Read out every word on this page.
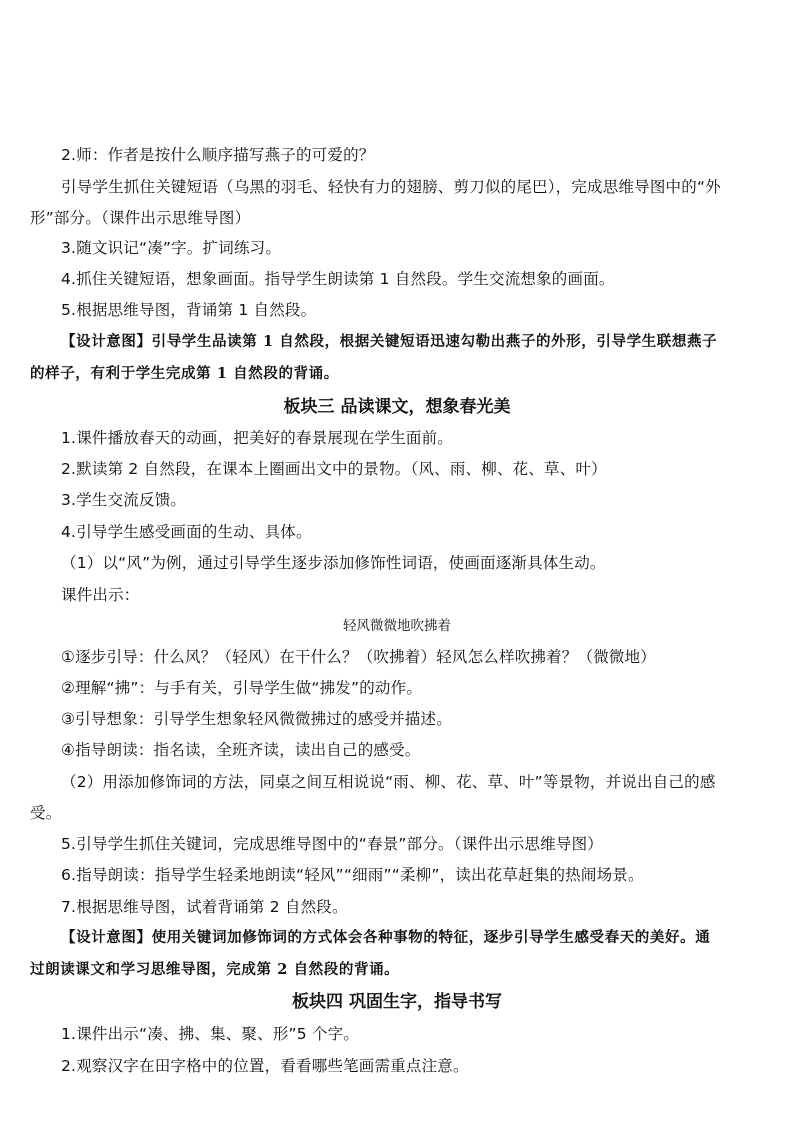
2.师：作者是按什么顺序描写燕子的可爱的？
引导学生抓住关键短语（乌黑的羽毛、轻快有力的翅膀、剪刀似的尾巴），完成思维导图中的“外
形”部分。（课件出示思维导图）
3.随文识记“凑”字。扩词练习。
4.抓住关键短语，想象画面。指导学生朗读第 1 自然段。学生交流想象的画面。
5.根据思维导图，背诵第 1 自然段。
【设计意图】引导学生品读第 1 自然段，根据关键短语迅速勾勒出燕子的外形，引导学生联想燕子
的样子，有利于学生完成第 1 自然段的背诵。
板块三 品读课文，想象春光美
1.课件播放春天的动画，把美好的春景展现在学生面前。
2.默读第 2 自然段，在课本上圈画出文中的景物。（风、雨、柳、花、草、叶）
3.学生交流反馈。
4.引导学生感受画面的生动、具体。
（1）以“风”为例，通过引导学生逐步添加修饰性词语，使画面逐渐具体生动。
课件出示：
轻风微微地吹拂着
①逐步引导：什么风？（轻风）在干什么？（吹拂着）轻风怎么样吹拂着？（微微地）
②理解“拂”：与手有关，引导学生做“拂发”的动作。
③引导想象：引导学生想象轻风微微拂过的感受并描述。
④指导朗读：指名读，全班齐读，读出自己的感受。
（2）用添加修饰词的方法，同桌之间互相说说“雨、柳、花、草、叶”等景物，并说出自己的感
受。
5.引导学生抓住关键词，完成思维导图中的“春景”部分。（课件出示思维导图）
6.指导朗读：指导学生轻柔地朗读“轻风”“细雨”“柔柳”，读出花草赶集的热闹场景。
7.根据思维导图，试着背诵第 2 自然段。
【设计意图】使用关键词加修饰词的方式体会各种事物的特征，逐步引导学生感受春天的美好。通
过朗读课文和学习思维导图，完成第 2 自然段的背诵。
板块四 巩固生字，指导书写
1.课件出示“凑、拂、集、聚、形”5 个字。
2.观察汉字在田字格中的位置，看看哪些笔画需重点注意。
